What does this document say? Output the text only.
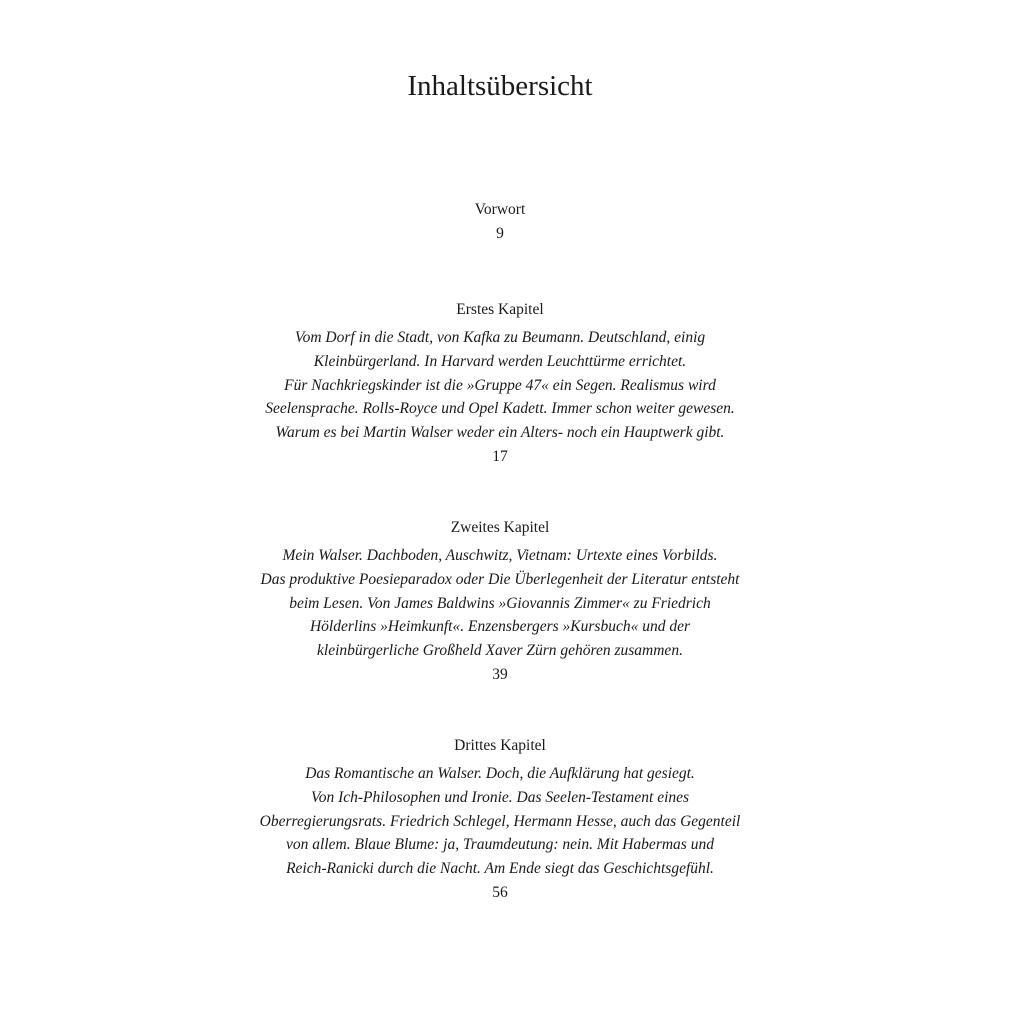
Inhaltsübersicht

Vorwort

9

Erstes Kapitel

Vom Dorf in die Stadt, von Kafka zu Beumann. Deutschland, einig
Kleinbürgerland. In Harvard werden Leuchttürme errichtet.
Für Nachkriegskinder ist die »Gruppe 47« ein Segen. Realismus wird
Seelensprache. Rolls-Royce und Opel Kadett. Immer schon weiter gewesen.
Warum es bei Martin Walser weder ein Alters- noch ein Hauptwerk gibt.

17

Zweites Kapitel

Mein Walser. Dachboden, Auschwitz, Vietnam: Urtexte eines Vorbilds.
Das produktive Poesieparadox oder Die Überlegenheit der Literatur entsteht
beim Lesen. Von James Baldwins »Giovannis Zimmer« zu Friedrich
Hölderlins »Heimkunft«. Enzensbergers »Kursbuch« und der
kleinbürgerliche Großheld Xaver Zürn gehören zusammen.

39

Drittes Kapitel

Das Romantische an Walser. Doch, die Aufklärung hat gesiegt.
Von Ich-Philosophen und Ironie. Das Seelen-Testament eines
Oberregierungsrats. Friedrich Schlegel, Hermann Hesse, auch das Gegenteil
von allem. Blaue Blume: ja, Traumdeutung: nein. Mit Habermas und
Reich-Ranicki durch die Nacht. Am Ende siegt das Geschichtsgefühl.

56
